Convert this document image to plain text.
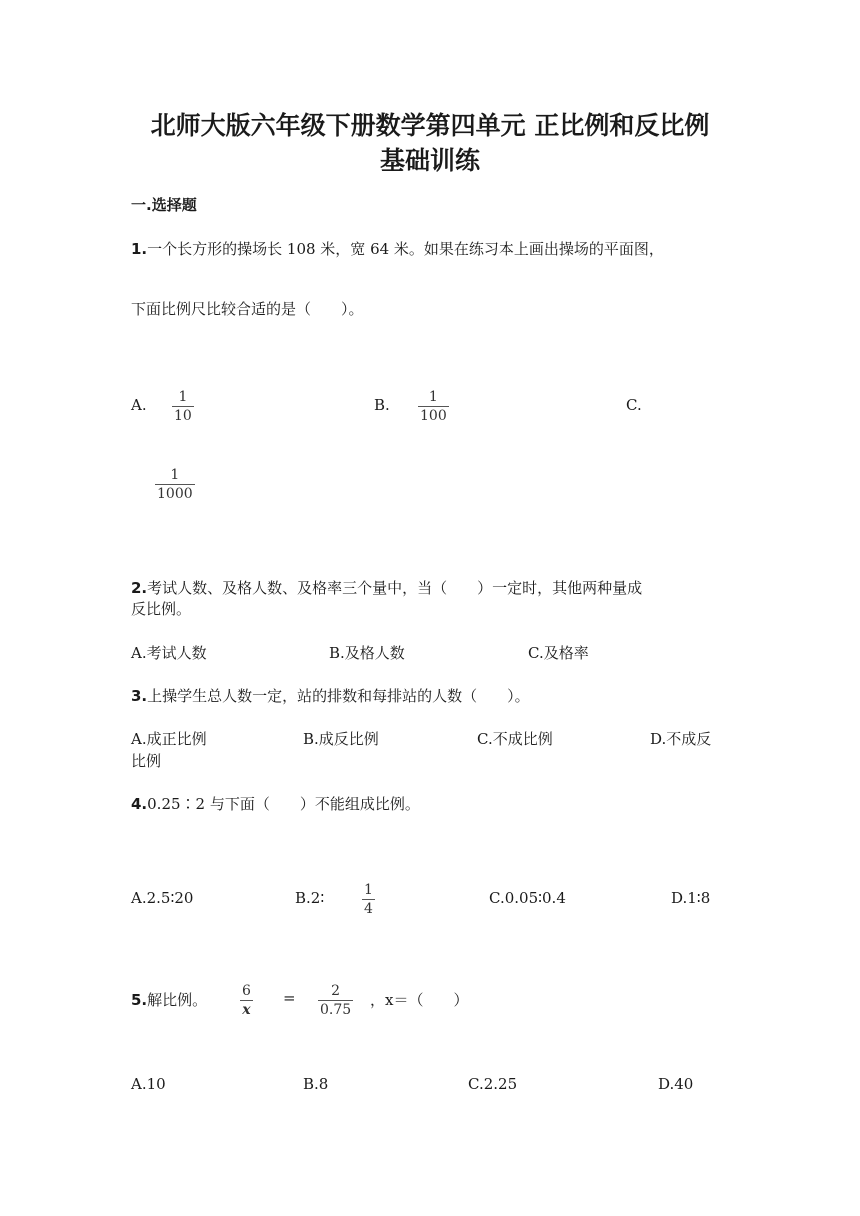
北师大版六年级下册数学第四单元 正比例和反比例
基础训练
一.选择题
1.一个长方形的操场长 108 米，宽 64 米。如果在练习本上画出操场的平面图，
下面比例尺比较合适的是（　　）。
A. 1
10
B.	1
100
C.
1
1000
2.考试人数、及格人数、及格率三个量中，当（　　）一定时，其他两种量成
反比例。
A.考试人数	B.及格人数	C.及格率
3.上操学生总人数一定，站的排数和每排站的人数（　　）。
A.成正比例	B.成反比例	C.不成比例	D.不成反
比例
4.0.25∶2 与下面（　　）不能组成比例。
A.2.5∶20	B.2∶	1
4
C.0.05∶0.4	D.1∶8
5.解比例。 6
x
=	2
0.75
，x＝（　　）
A.10	B.8	C.2.25	D.40
